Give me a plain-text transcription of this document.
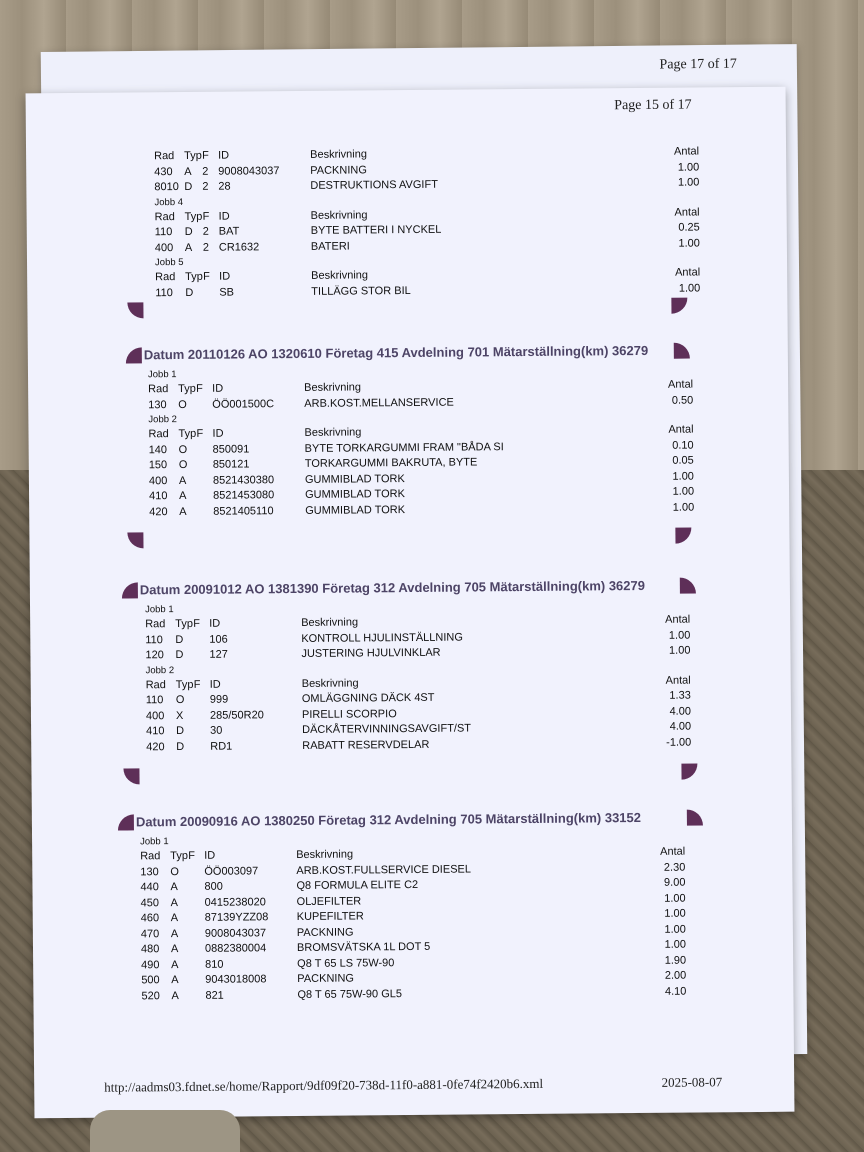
Page 17 of 17
Page 15 of 17
Rad Typ F ID	Beskrivning	Antal
430 A 2 9008043037	PACKNING	1.00
8010 D 2 28	DESTRUKTIONS AVGIFT	1.00
Jobb 4
Rad Typ F ID	Beskrivning	Antal
110 D 2 BAT	BYTE BATTERI I NYCKEL	0.25
400 A 2 CR1632	BATERI	1.00
Jobb 5
Rad Typ F ID	Beskrivning	Antal
110 D SB	TILLÄGG STOR BIL	1.00
Datum 20110126 AO 1320610 Företag 415 Avdelning 701 Mätarställning(km) 36279
Jobb 1
Rad Typ F ID	Beskrivning	Antal
130 O ÖÖ001500C	ARB.KOST.MELLANSERVICE	0.50
Jobb 2
Rad Typ F ID	Beskrivning	Antal
140 O 850091	BYTE TORKARGUMMI FRAM "BÅDA SI	0.10
150 O 850121	TORKARGUMMI BAKRUTA, BYTE	0.05
400 A 8521430380	GUMMIBLAD TORK	1.00
410 A 8521453080	GUMMIBLAD TORK	1.00
420 A 8521405110	GUMMIBLAD TORK	1.00
Datum 20091012 AO 1381390 Företag 312 Avdelning 705 Mätarställning(km) 36279
Jobb 1
Rad Typ F ID	Beskrivning	Antal
110 D 106	KONTROLL HJULINSTÄLLNING	1.00
120 D 127	JUSTERING HJULVINKLAR	1.00
Jobb 2
Rad Typ F ID	Beskrivning	Antal
110 O 999	OMLÄGGNING DÄCK 4ST	1.33
400 X 285/50R20	PIRELLI SCORPIO	4.00
410 D 30	DÄCKÅTERVINNINGSAVGIFT/ST	4.00
420 D RD1	RABATT RESERVDELAR	-1.00
Datum 20090916 AO 1380250 Företag 312 Avdelning 705 Mätarställning(km) 33152
Jobb 1
Rad Typ F ID	Beskrivning	Antal
130 O ÖÖ003097	ARB.KOST.FULLSERVICE DIESEL	2.30
440 A 800	Q8 FORMULA ELITE C2	9.00
450 A 0415238020	OLJEFILTER	1.00
460 A 87139YZZ08	KUPEFILTER	1.00
470 A 9008043037	PACKNING	1.00
480 A 0882380004	BROMSVÄTSKA 1L DOT 5	1.00
490 A 810	Q8 T 65 LS 75W-90	1.90
500 A 9043018008	PACKNING	2.00
520 A 821	Q8 T 65 75W-90 GL5	4.10
http://aadms03.fdnet.se/home/Rapport/9df09f20-738d-11f0-a881-0fe74f2420b6.xml	2025-08-07
